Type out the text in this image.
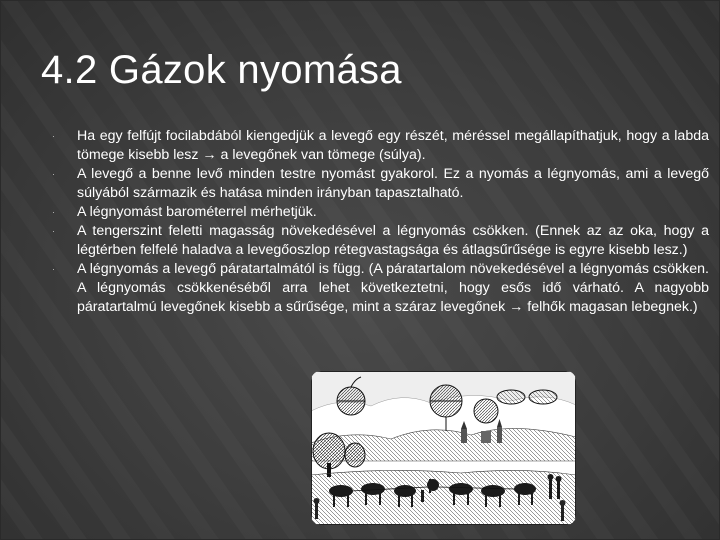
4.2 Gázok nyomása
· Ha egy felfújt focilabdából kiengedjük a levegő egy részét, méréssel megállapíthatjuk, hogy a labda tömege kisebb lesz → a levegőnek van tömege (súlya).
· A levegő a benne levő minden testre nyomást gyakorol. Ez a nyomás a légnyomás, ami a levegő súlyából származik és hatása minden irányban tapasztalható.
· A légnyomást barométerrel mérhetjük.
· A tengerszint feletti magasság növekedésével a légnyomás csökken. (Ennek az az oka, hogy a légtérben felfelé haladva a levegőoszlop rétegvastagsága és átlagsűrűsége is egyre kisebb lesz.)
· A légnyomás a levegő páratartalmától is függ. (A páratartalom növekedésével a légnyomás csökken. A légnyomás csökkenéséből arra lehet következtetni, hogy esős idő várható. A nagyobb páratartalmú levegőnek kisebb a sűrűsége, mint a száraz levegőnek → felhők magasan lebegnek.)
